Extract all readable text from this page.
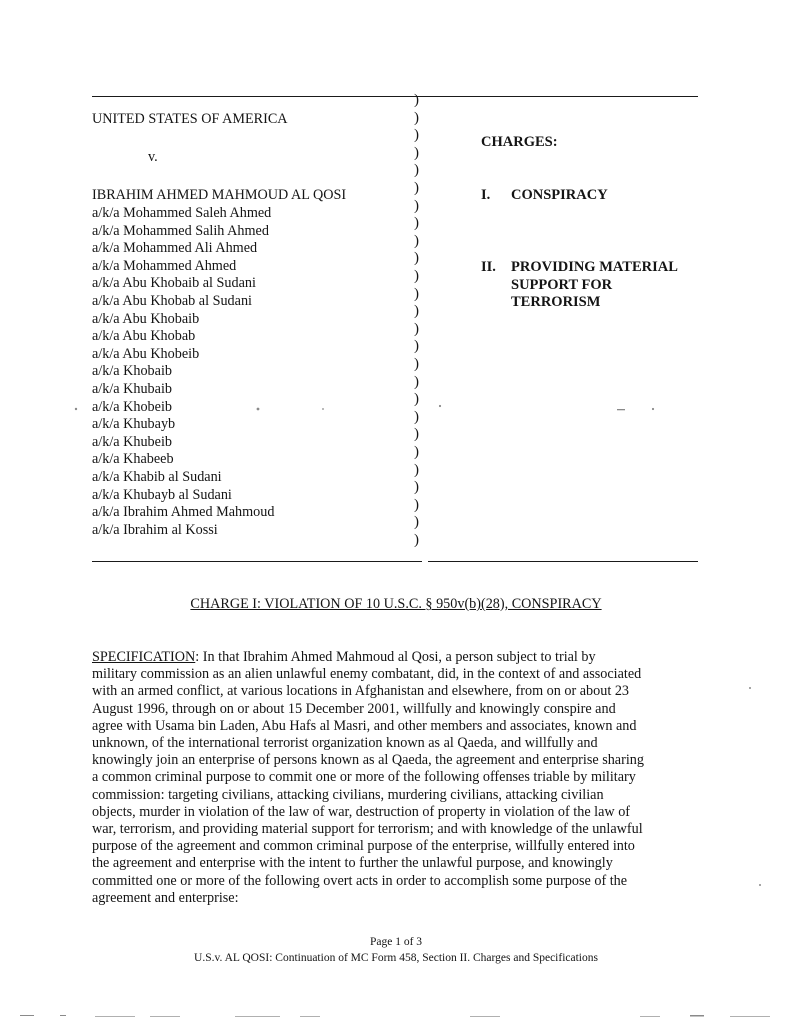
UNITED STATES OF AMERICA
v.
IBRAHIM AHMED MAHMOUD AL QOSI
a/k/a Mohammed Saleh Ahmed
a/k/a Mohammed Salih Ahmed
a/k/a Mohammed Ali Ahmed
a/k/a Mohammed Ahmed
a/k/a Abu Khobaib al Sudani
a/k/a Abu Khobab al Sudani
a/k/a Abu Khobaib
a/k/a Abu Khobab
a/k/a Abu Khobeib
a/k/a Khobaib
a/k/a Khubaib
a/k/a Khobeib
a/k/a Khubayb
a/k/a Khubeib
a/k/a Khabeeb
a/k/a Khabib al Sudani
a/k/a Khubayb al Sudani
a/k/a Ibrahim Ahmed Mahmoud
a/k/a Ibrahim al Kossi
)
)
)
)
)
)
)
)
)
)
)
)
)
)
)
)
)
)
)
)
)
)
)
)
)
)
CHARGES:
I. CONSPIRACY
II. PROVIDING MATERIAL
SUPPORT FOR
TERRORISM
CHARGE I: VIOLATION OF 10 U.S.C. § 950v(b)(28), CONSPIRACY
SPECIFICATION: In that Ibrahim Ahmed Mahmoud al Qosi, a person subject to trial by
military commission as an alien unlawful enemy combatant, did, in the context of and associated
with an armed conflict, at various locations in Afghanistan and elsewhere, from on or about 23
August 1996, through on or about 15 December 2001, willfully and knowingly conspire and
agree with Usama bin Laden, Abu Hafs al Masri, and other members and associates, known and
unknown, of the international terrorist organization known as al Qaeda, and willfully and
knowingly join an enterprise of persons known as al Qaeda, the agreement and enterprise sharing
a common criminal purpose to commit one or more of the following offenses triable by military
commission: targeting civilians, attacking civilians, murdering civilians, attacking civilian
objects, murder in violation of the law of war, destruction of property in violation of the law of
war, terrorism, and providing material support for terrorism; and with knowledge of the unlawful
purpose of the agreement and common criminal purpose of the enterprise, willfully entered into
the agreement and enterprise with the intent to further the unlawful purpose, and knowingly
committed one or more of the following overt acts in order to accomplish some purpose of the
agreement and enterprise:
Page 1 of 3
U.S.v. AL QOSI: Continuation of MC Form 458, Section II. Charges and Specifications
